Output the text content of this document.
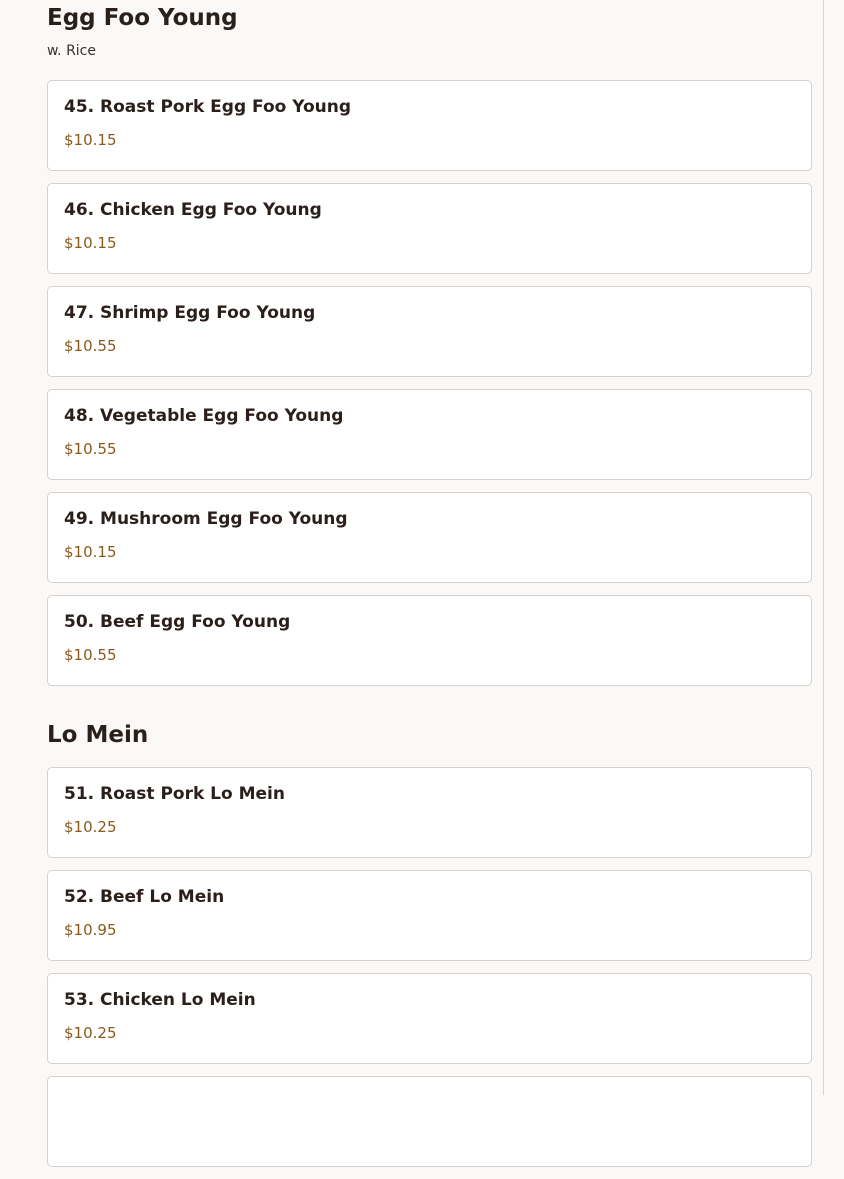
Egg Foo Young

w. Rice

45. Roast Pork Egg Foo Young
$10.15
46. Chicken Egg Foo Young
$10.15
47. Shrimp Egg Foo Young
$10.55
48. Vegetable Egg Foo Young
$10.55
49. Mushroom Egg Foo Young
$10.15
50. Beef Egg Foo Young
$10.55
Lo Mein
51. Roast Pork Lo Mein
$10.25
52. Beef Lo Mein
$10.95
53. Chicken Lo Mein
$10.25
